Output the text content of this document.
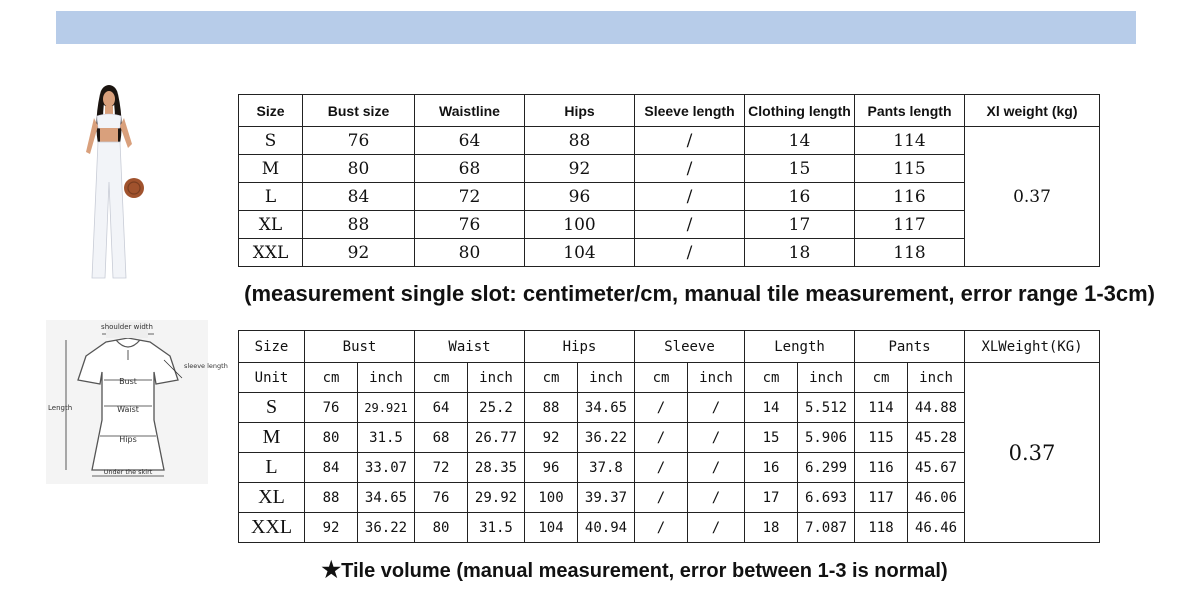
Size	Bust size	Waistline	Hips	Sleeve length	Clothing length	Pants length	Xl weight (kg)
S	76	64	88	/	14	114	0.37
M	80	68	92	/	15	115	
L	84	72	96	/	16	116	
XL	88	76	100	/	17	117	
XXL	92	80	104	/	18	118	

(measurement single slot: centimeter/cm, manual tile measurement, error range 1-3cm)

shoulder width
sleeve length
Length
Bust
Waist
Hips
Under the skirt
Size	Bust		Waist		Hips		Sleeve		Length		Pants		XLWeight(KG)
Unit	cm	inch	cm	inch	cm	inch	cm	inch	cm	inch	cm	inch	0.37
S	76	29.921	64	25.2	88	34.65	/	/	14	5.512	114	44.88	
M	80	31.5	68	26.77	92	36.22	/	/	15	5.906	115	45.28	
L	84	33.07	72	28.35	96	37.8	/	/	16	6.299	116	45.67	
XL	88	34.65	76	29.92	100	39.37	/	/	17	6.693	117	46.06	
XXL	92	36.22	80	31.5	104	40.94	/	/	18	7.087	118	46.46	

★Tile volume (manual measurement, error between 1-3 is normal)
